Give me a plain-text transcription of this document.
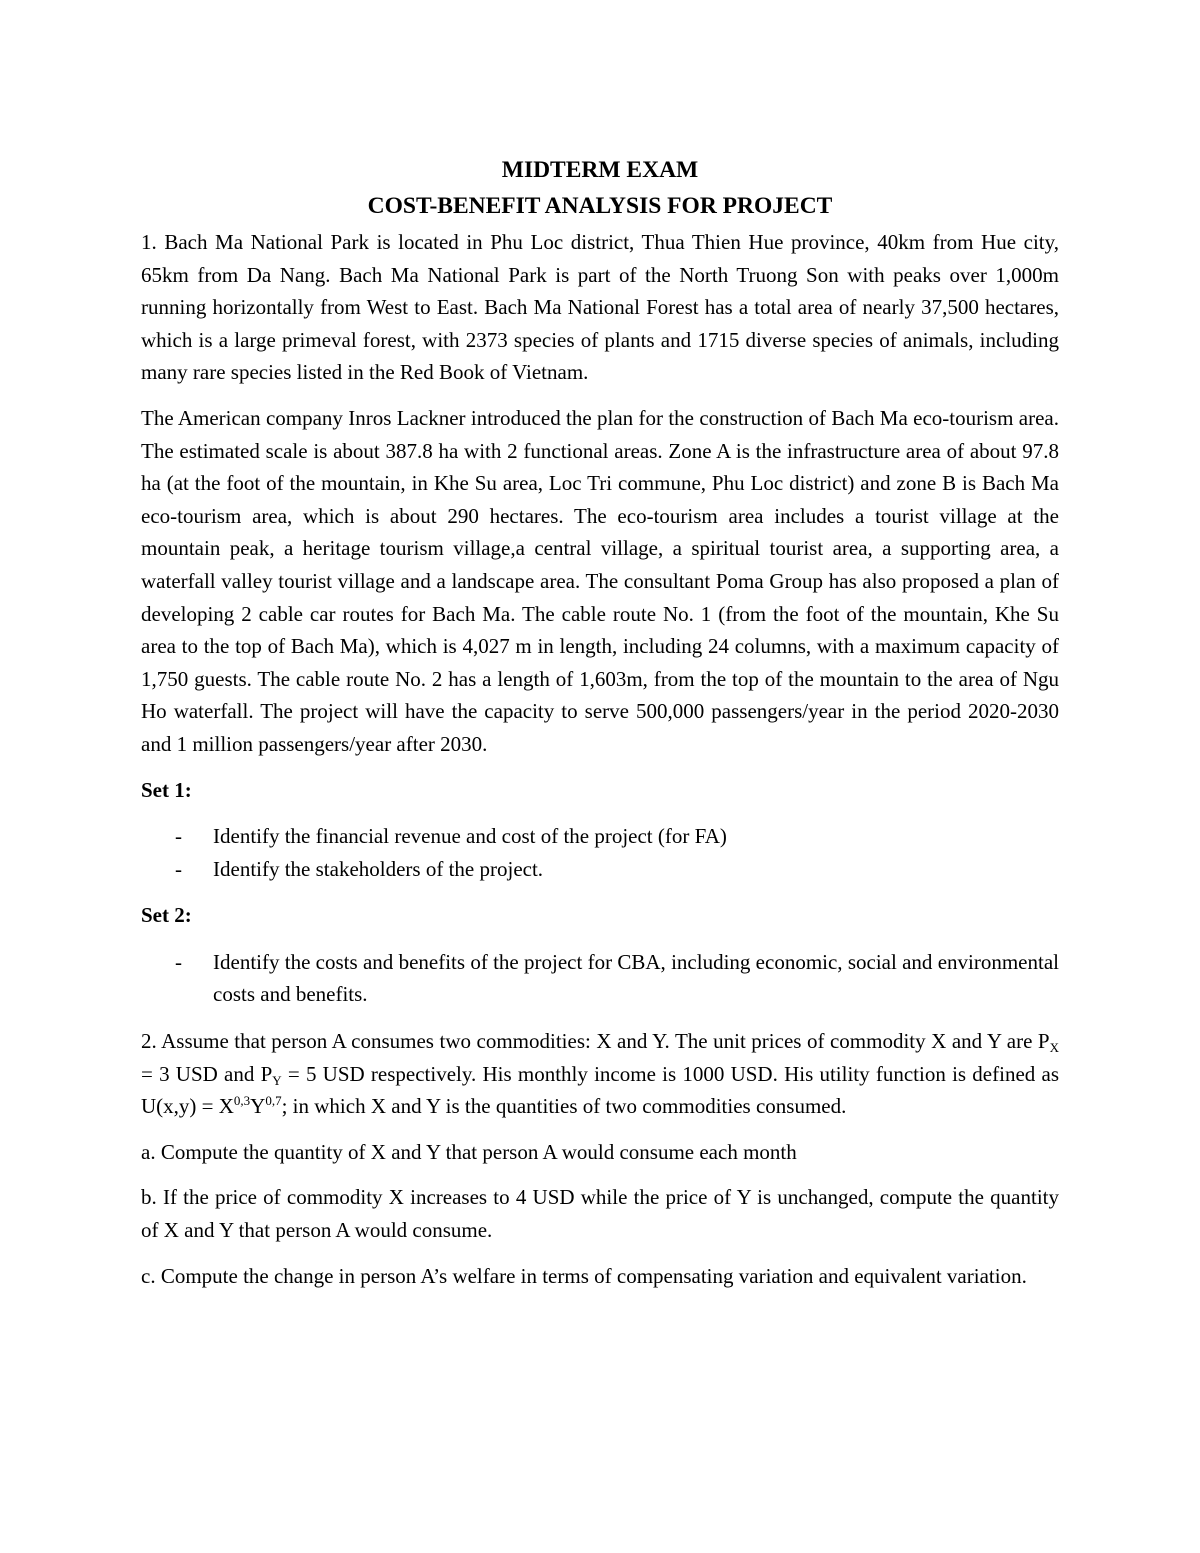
MIDTERM EXAM
COST-BENEFIT ANALYSIS FOR PROJECT

1. Bach Ma National Park is located in Phu Loc district, Thua Thien Hue province, 40km from Hue city, 65km from Da Nang. Bach Ma National Park is part of the North Truong Son with peaks over 1,000m running horizontally from West to East. Bach Ma National Forest has a total area of nearly 37,500 hectares, which is a large primeval forest, with 2373 species of plants and 1715 diverse species of animals, including many rare species listed in the Red Book of Vietnam.

The American company Inros Lackner introduced the plan for the construction of Bach Ma eco-tourism area. The estimated scale is about 387.8 ha with 2 functional areas. Zone A is the infrastructure area of about 97.8 ha (at the foot of the mountain, in Khe Su area, Loc Tri commune, Phu Loc district) and zone B is Bach Ma eco-tourism area, which is about 290 hectares. The eco-tourism area includes a tourist village at the mountain peak, a heritage tourism village,a central village, a spiritual tourist area, a supporting area, a waterfall valley tourist village and a landscape area. The consultant Poma Group has also proposed a plan of developing 2 cable car routes for Bach Ma. The cable route No. 1 (from the foot of the mountain, Khe Su area to the top of Bach Ma), which is 4,027 m in length, including 24 columns, with a maximum capacity of 1,750 guests. The cable route No. 2 has a length of 1,603m, from the top of the mountain to the area of Ngu Ho waterfall. The project will have the capacity to serve 500,000 passengers/year in the period 2020-2030 and 1 million passengers/year after 2030.

Set 1:
- Identify the financial revenue and cost of the project (for FA)
- Identify the stakeholders of the project.
Set 2:
- Identify the costs and benefits of the project for CBA, including economic, social and environmental costs and benefits.

2. Assume that person A consumes two commodities: X and Y. The unit prices of commodity X and Y are $P_X = 3$ USD and $P_Y = 5$ USD respectively. His monthly income is 1000 USD. His utility function is defined as $U(x,y) = X^{0,3}Y^{0,7}$; in which X and Y is the quantities of two commodities consumed.

a. Compute the quantity of X and Y that person A would consume each month

b. If the price of commodity X increases to 4 USD while the price of Y is unchanged, compute the quantity of X and Y that person A would consume.

c. Compute the change in person A’s welfare in terms of compensating variation and equivalent variation.
